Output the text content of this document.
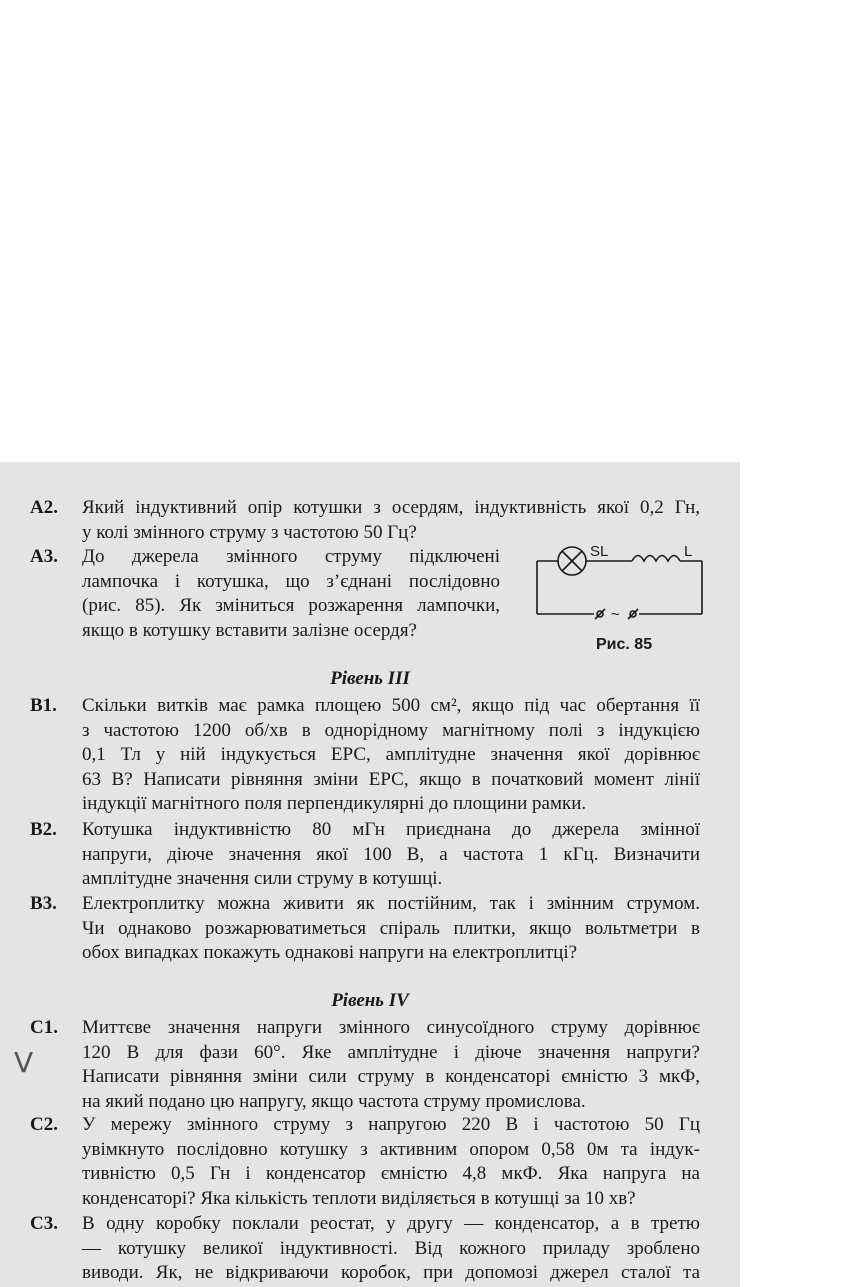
А2. Який індуктивний опір котушки з осердям, індуктивність якої 0,2 Гн,

у колі змінного струму з частотою 50 Гц?

А3. До джерела змінного струму підключені

лампочка і котушка, що з’єднані послідовно

(рис. 85). Як зміниться розжарення лампочки,

якщо в котушку вставити залізне осердя?

SL	L
~
Рис. 85
Рівень ІІІ
В1. Скільки витків має рамка площею 500 см², якщо під час обертання її

з частотою 1200 об/хв в однорідному магнітному полі з індукцією

0,1 Тл у ній індукується ЕРС, амплітудне значення якої дорівнює

63 В? Написати рівняння зміни ЕРС, якщо в початковий момент лінії

індукції магнітного поля перпендикулярні до площини рамки.

В2. Котушка індуктивністю 80 мГн приєднана до джерела змінної

напруги, діюче значення якої 100 В, а частота 1 кГц. Визначити

амплітудне значення сили струму в котушці.

В3. Електроплитку можна живити як постійним, так і змінним струмом.

Чи однаково розжарюватиметься спіраль плитки, якщо вольтметри в

обох випадках покажуть однакові напруги на електроплитці?

Рівень IV
V
С1. Миттєве значення напруги змінного синусоїдного струму дорівнює

120 В для фази 60°. Яке амплітудне і діюче значення напруги?

Написати рівняння зміни сили струму в конденсаторі ємністю 3 мкФ,

на який подано цю напругу, якщо частота струму промислова.

С2. У мережу змінного струму з напругою 220 В і частотою 50 Гц

увімкнуто послідовно котушку з активним опором 0,58 0м та індук-

тивністю 0,5 Гн і конденсатор ємністю 4,8 мкФ. Яка напруга на

конденсаторі? Яка кількість теплоти виділяється в котушці за 10 хв?

С3. В одну коробку поклали реостат, у другу — конденсатор, а в третю

— котушку великої індуктивності. Від кожного приладу зроблено

виводи. Як, не відкриваючи коробок, при допомозі джерел сталої та
